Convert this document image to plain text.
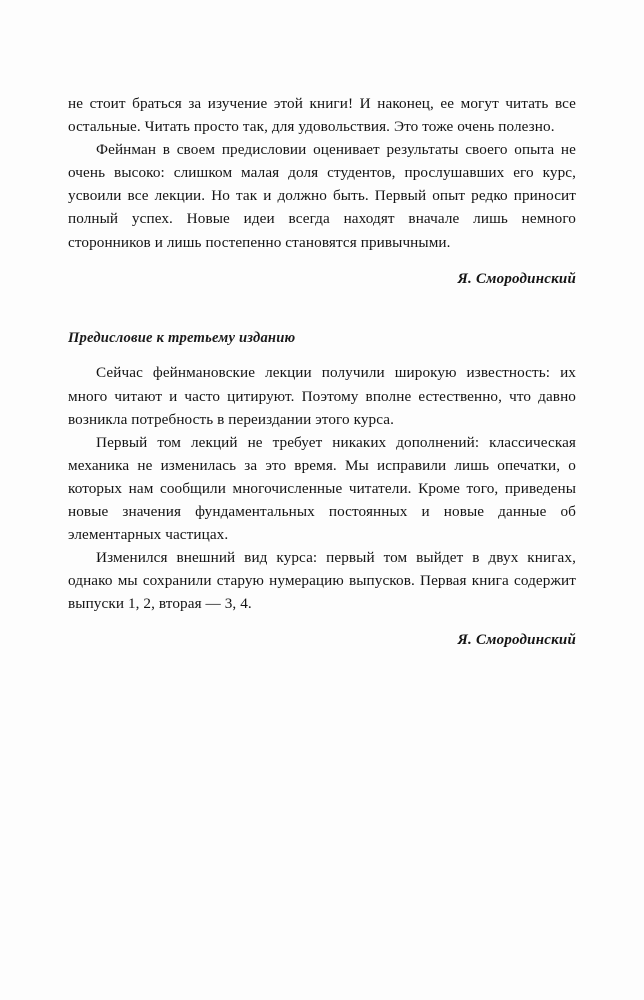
не стоит браться за изучение этой книги! И наконец, ее могут читать все остальные. Читать просто так, для удовольствия. Это тоже очень полезно.

Фейнман в своем предисловии оценивает результаты своего опыта не очень высоко: слишком малая доля студентов, прослушавших его курс, усвоили все лекции. Но так и должно быть. Первый опыт редко приносит полный успех. Новые идеи всегда находят вначале лишь немного сторонников и лишь постепенно становятся привычными.

Я. Смородинский
Предисловие к третьему изданию

Сейчас фейнмановские лекции получили широкую известность: их много читают и часто цитируют. Поэтому вполне естественно, что давно возникла потребность в переиздании этого курса.

Первый том лекций не требует никаких дополнений: классическая механика не изменилась за это время. Мы исправили лишь опечатки, о которых нам сообщили многочисленные читатели. Кроме того, приведены новые значения фундаментальных постоянных и новые данные об элементарных частицах.

Изменился внешний вид курса: первый том выйдет в двух книгах, однако мы сохранили старую нумерацию выпусков. Первая книга содержит выпуски 1, 2, вторая — 3, 4.

Я. Смородинский
